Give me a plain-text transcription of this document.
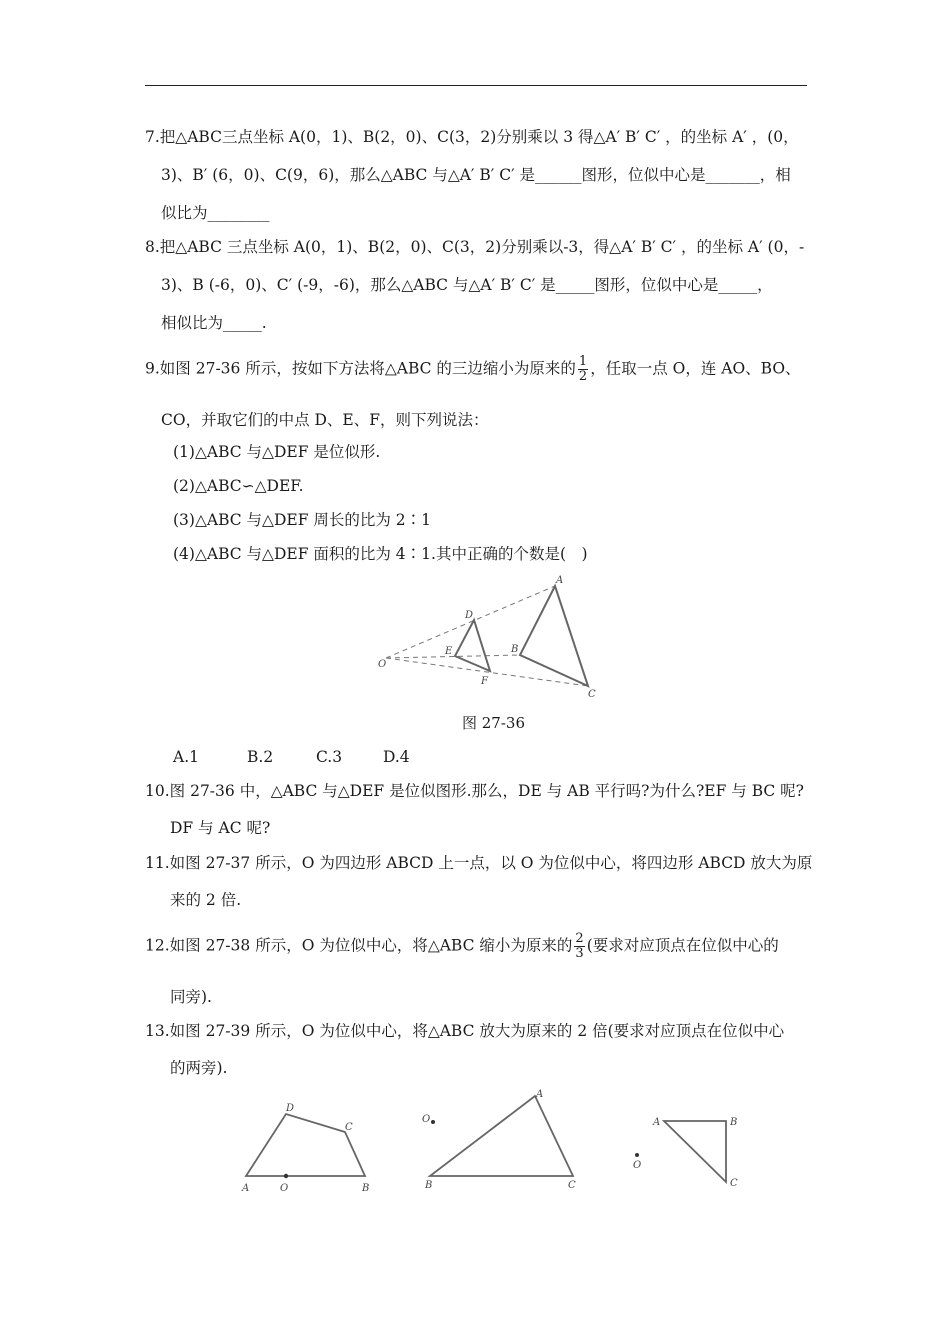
7.把△ABC三点坐标 A(0，1)、B(2，0)、C(3，2)分别乘以 3 得△A′ B′ C′ ，的坐标 A′ ，(0，
3)、B′ (6，0)、C(9，6)，那么△ABC 与△A′ B′ C′ 是______图形，位似中心是_______，相
似比为________
8.把△ABC 三点坐标 A(0，1)、B(2，0)、C(3，2)分别乘以-3，得△A′ B′ C′ ，的坐标 A′ (0，-
3)、B (-6，0)、C′ (-9，-6)，那么△ABC 与△A′ B′ C′ 是_____图形，位似中心是_____，
相似比为_____.
9.如图 27-36 所示，按如下方法将△ABC 的三边缩小为原来的 $\frac{1}{2}$ ，任取一点 O，连 AO、BO、
CO，并取它们的中点 D、E、F，则下列说法：
(1)△ABC 与△DEF 是位似形.
(2)△ABC∽△DEF.
(3)△ABC 与△DEF 周长的比为 2∶1
(4)△ABC 与△DEF 面积的比为 4∶1.其中正确的个数是(　)
O
D
E
F
A
B
C
图 27-36
A.1	B.2	C.3	D.4
10.图 27-36 中，△ABC 与△DEF 是位似图形.那么，DE 与 AB 平行吗?为什么?EF 与 BC 呢?
DF 与 AC 呢?
11.如图 27-37 所示，O 为四边形 ABCD 上一点，以 O 为位似中心，将四边形 ABCD 放大为原
来的 2 倍.
12.如图 27-38 所示，O 为位似中心，将△ABC 缩小为原来的 $\frac{2}{3}$ (要求对应顶点在位似中心的
同旁).
13.如图 27-39 所示，O 为位似中心，将△ABC 放大为原来的 2 倍(要求对应顶点在位似中心
的两旁).
D
C
A	O	B
O
A
B	C
A	B
C
O
